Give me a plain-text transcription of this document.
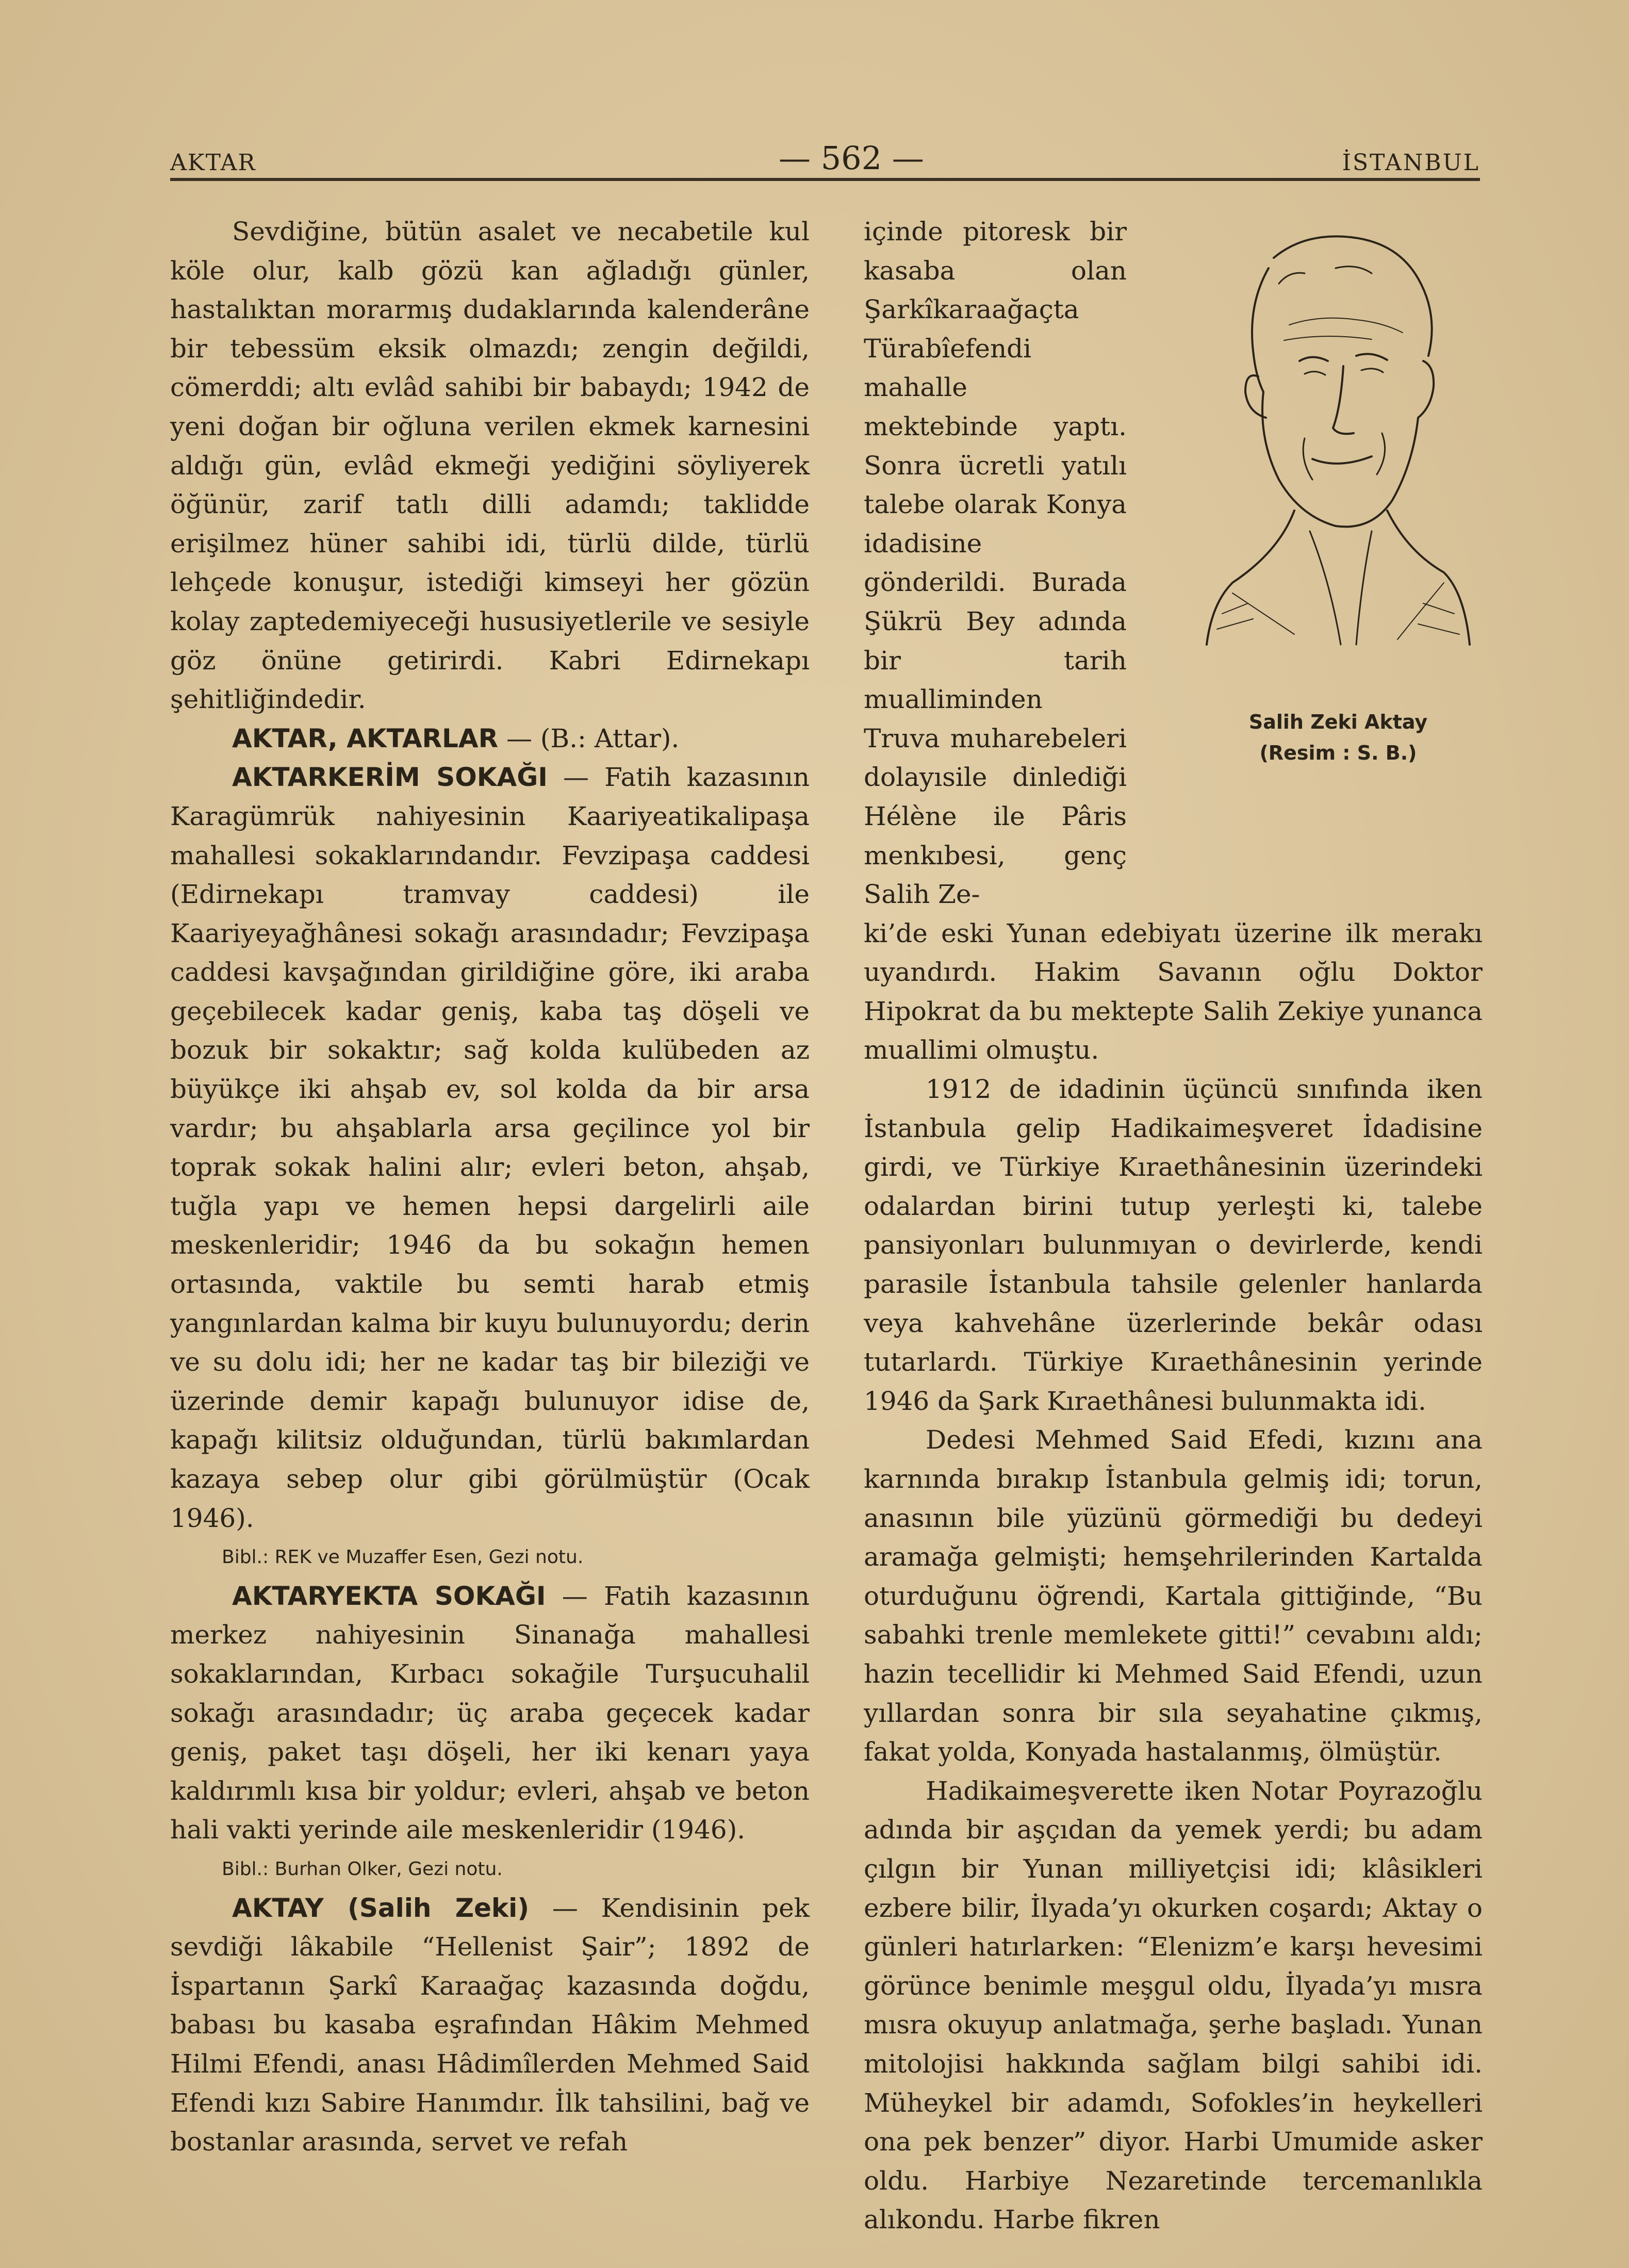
AKTAR	— 562 —	İSTANBUL

Sevdiğine, bütün asalet ve necabetile kul köle olur, kalb gözü kan ağladığı günler, hastalıktan morarmış dudaklarında kalenderâne bir tebessüm eksik olmazdı; zengin değildi, cömerddi; altı evlâd sahibi bir babaydı; 1942 de yeni doğan bir oğluna verilen ekmek karnesini aldığı gün, evlâd ekmeği yediğini söyliyerek öğünür, zarif tatlı dilli adamdı; taklidde erişilmez hüner sahibi idi, türlü dilde, türlü lehçede konuşur, istediği kimseyi her gözün kolay zaptedemiyeceği hususiyetlerile ve sesiyle göz önüne getirirdi. Kabri Edirnekapı şehitliğindedir.

AKTAR, AKTARLAR — (B.: Attar).

AKTARKERİM SOKAĞI — Fatih kazasının Karagümrük nahiyesinin Kaariyeatikalipaşa mahallesi sokaklarındandır. Fevzipaşa caddesi (Edirnekapı tramvay caddesi) ile Kaariyeyağhânesi sokağı arasındadır; Fevzipaşa caddesi kavşağından girildiğine göre, iki araba geçebilecek kadar geniş, kaba taş döşeli ve bozuk bir sokaktır; sağ kolda kulübeden az büyükçe iki ahşab ev, sol kolda da bir arsa vardır; bu ahşablarla arsa geçilince yol bir toprak sokak halini alır; evleri beton, ahşab, tuğla yapı ve hemen hepsi dargelirli aile meskenleridir; 1946 da bu sokağın hemen ortasında, vaktile bu semti harab etmiş yangınlardan kalma bir kuyu bulunuyordu; derin ve su dolu idi; her ne kadar taş bir bileziği ve üzerinde demir kapağı bulunuyor idise de, kapağı kilitsiz olduğundan, türlü bakımlardan kazaya sebep olur gibi görülmüştür (Ocak 1946).

Bibl.: REK ve Muzaffer Esen, Gezi notu.

AKTARYEKTA SOKAĞI — Fatih kazasının merkez nahiyesinin Sinanağa mahallesi sokaklarından, Kırbacı sokağile Turşucuhalil sokağı arasındadır; üç araba geçecek kadar geniş, paket taşı döşeli, her iki kenarı yaya kaldırımlı kısa bir yoldur; evleri, ahşab ve beton hali vakti yerinde aile meskenleridir (1946).

Bibl.: Burhan Olker, Gezi notu.

AKTAY (Salih Zeki) — Kendisinin pek sevdiği lâkabile “Hellenist Şair”; 1892 de İspartanın Şarkî Karaağaç kazasında doğdu, babası bu kasaba eşrafından Hâkim Mehmed Hilmi Efendi, anası Hâdimîlerden Mehmed Said Efendi kızı Sabire Hanımdır. İlk tahsilini, bağ ve bostanlar arasında, servet ve refah

içinde pitoresk bir kasaba olan Şarkîkaraağaçta Türabîefendi mahalle mektebinde yaptı. Sonra ücretli yatılı talebe olarak Konya idadisine gönderildi. Burada Şükrü Bey adında bir tarih mualliminden Truva muharebeleri dolayısile dinlediği Hélène ile Pâris menkıbesi, genç Salih Ze-

ki’de eski Yunan edebiyatı üzerine ilk merakı uyandırdı. Hakim Savanın oğlu Doktor Hipokrat da bu mektepte Salih Zekiye yunanca muallimi olmuştu.

1912 de idadinin üçüncü sınıfında iken İstanbula gelip Hadikaimeşveret İdadisine girdi, ve Türkiye Kıraethânesinin üzerindeki odalardan birini tutup yerleşti ki, talebe pansiyonları bulunmıyan o devirlerde, kendi parasile İstanbula tahsile gelenler hanlarda veya kahvehâne üzerlerinde bekâr odası tutarlardı. Türkiye Kıraethânesinin yerinde 1946 da Şark Kıraethânesi bulunmakta idi.

Dedesi Mehmed Said Efedi, kızını ana karnında bırakıp İstanbula gelmiş idi; torun, anasının bile yüzünü görmediği bu dedeyi aramağa gelmişti; hemşehrilerinden Kartalda oturduğunu öğrendi, Kartala gittiğinde, “Bu sabahki trenle memlekete gitti!” cevabını aldı; hazin tecellidir ki Mehmed Said Efendi, uzun yıllardan sonra bir sıla seyahatine çıkmış, fakat yolda, Konyada hastalanmış, ölmüştür.

Hadikaimeşverette iken Notar Poyrazoğlu adında bir aşçıdan da yemek yerdi; bu adam çılgın bir Yunan milliyetçisi idi; klâsikleri ezbere bilir, İlyada’yı okurken coşardı; Aktay o günleri hatırlarken: “Elenizm’e karşı hevesimi görünce benimle meşgul oldu, İlyada’yı mısra mısra okuyup anlatmağa, şerhe başladı. Yunan mitolojisi hakkında sağlam bilgi sahibi idi. Müheykel bir adamdı, Sofokles’in heykelleri ona pek benzer” diyor. Harbi Umumide asker oldu. Harbiye Nezaretinde tercemanlıkla alıkondu. Harbe fikren

Salih Zeki Aktay
(Resim : S. B.)
